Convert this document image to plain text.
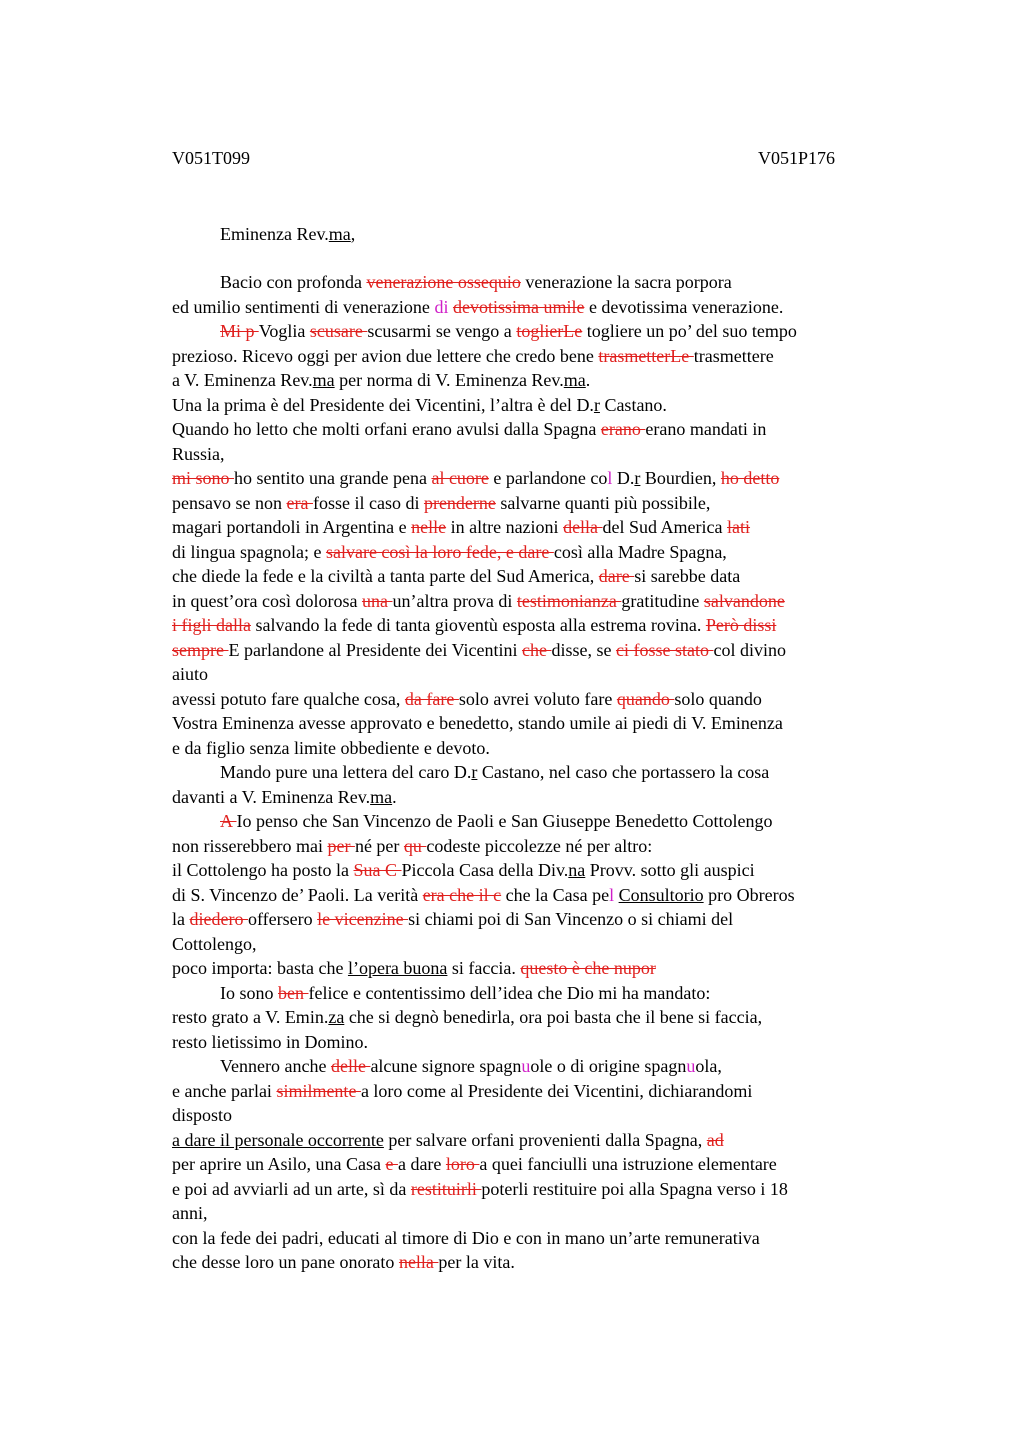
V051T099	V051P176
Eminenza Rev.ma,
Bacio con profonda venerazione ossequio venerazione la sacra porpora
ed umilio sentimenti di venerazione di devotissima umile e devotissima venerazione.
Mi p Voglia scusare scusarmi se vengo a toglierLe togliere un po’ del suo tempo
prezioso. Ricevo oggi per avion due lettere che credo bene trasmetterLe trasmettere
a V. Eminenza Rev.ma per norma di V. Eminenza Rev.ma.
Una la prima è del Presidente dei Vicentini, l’altra è del D.r Castano.
Quando ho letto che molti orfani erano avulsi dalla Spagna erano erano mandati in
Russia,
mi sono ho sentito una grande pena al cuore e parlandone col D.r Bourdien, ho detto
pensavo se non era fosse il caso di prenderne salvarne quanti più possibile,
magari portandoli in Argentina e nelle in altre nazioni della del Sud America lati
di lingua spagnola; e salvare così la loro fede, e dare così alla Madre Spagna,
che diede la fede e la civiltà a tanta parte del Sud America, dare si sarebbe data
in quest’ora così dolorosa una un’altra prova di testimonianza gratitudine salvandone
i figli dalla salvando la fede di tanta gioventù esposta alla estrema rovina. Però dissi
sempre E parlandone al Presidente dei Vicentini che disse, se ci fosse stato col divino
aiuto
avessi potuto fare qualche cosa, da fare solo avrei voluto fare quando solo quando
Vostra Eminenza avesse approvato e benedetto, stando umile ai piedi di V. Eminenza
e da figlio senza limite obbediente e devoto.
Mando pure una lettera del caro D.r Castano, nel caso che portassero la cosa
davanti a V. Eminenza Rev.ma.
A Io penso che San Vincenzo de Paoli e San Giuseppe Benedetto Cottolengo
non risserebbero mai per né per qu codeste piccolezze né per altro:
il Cottolengo ha posto la Sua C Piccola Casa della Div.na Provv. sotto gli auspici
di S. Vincenzo de’ Paoli. La verità era che il c che la Casa pel Consultorio pro Obreros
la diedero offersero le vicenzine si chiami poi di San Vincenzo o si chiami del
Cottolengo,
poco importa: basta che l’opera buona si faccia. questo è che nupor
Io sono ben felice e contentissimo dell’idea che Dio mi ha mandato:
resto grato a V. Emin.za che si degnò benedirla, ora poi basta che il bene si faccia,
resto lietissimo in Domino.
Vennero anche delle alcune signore spagnuole o di origine spagnuola,
e anche parlai similmente a loro come al Presidente dei Vicentini, dichiarandomi
disposto
a dare il personale occorrente per salvare orfani provenienti dalla Spagna, ad
per aprire un Asilo, una Casa e a dare loro a quei fanciulli una istruzione elementare
e poi ad avviarli ad un arte, sì da restituirli poterli restituire poi alla Spagna verso i 18
anni,
con la fede dei padri, educati al timore di Dio e con in mano un’arte remunerativa
che desse loro un pane onorato nella per la vita.
